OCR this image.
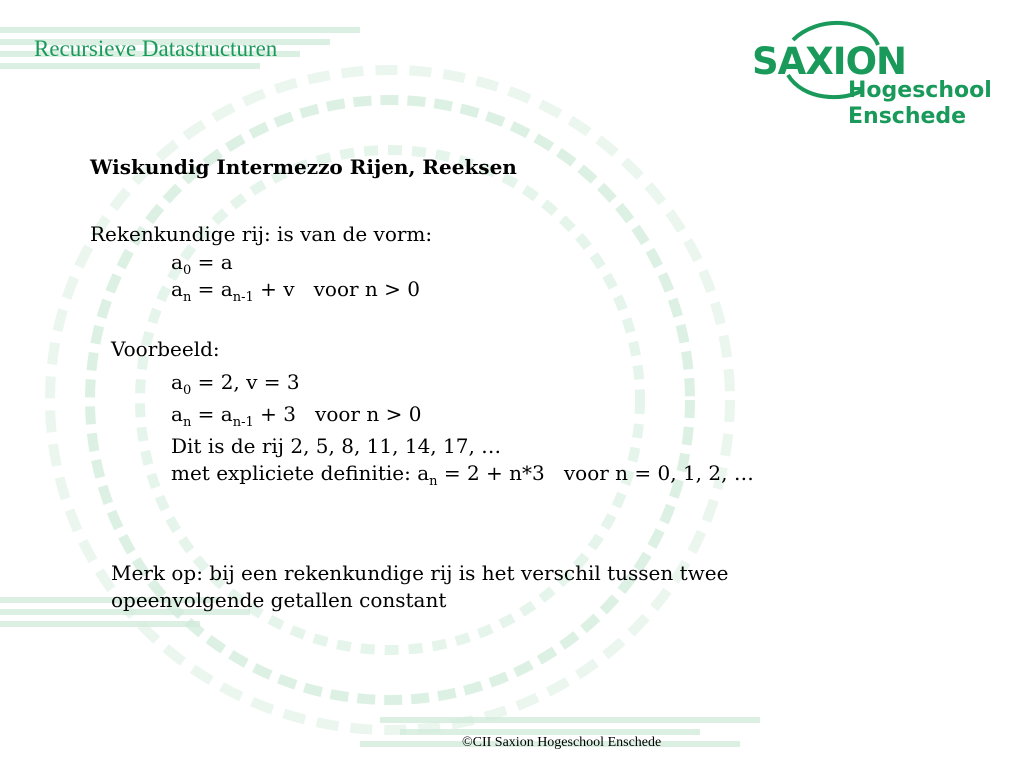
Recursieve Datastructuren	SAXION
Hogeschool
Enschede
Wiskundig Intermezzo Rijen, Reeksen
Rekenkundige rij: is van de vorm:
$a_0 = a$
$a_n = a_{n-1} + v$   voor n > 0
Voorbeeld:
$a_0 = 2$, v = 3
$a_n = a_{n-1} + 3$   voor n > 0
Dit is de rij 2, 5, 8, 11, 14, 17, …
met expliciete definitie: $a_n = 2 + n*3$   voor n = 0, 1, 2, …
Merk op: bij een rekenkundige rij is het verschil tussen twee
opeenvolgende getallen constant
©CII Saxion Hogeschool Enschede
